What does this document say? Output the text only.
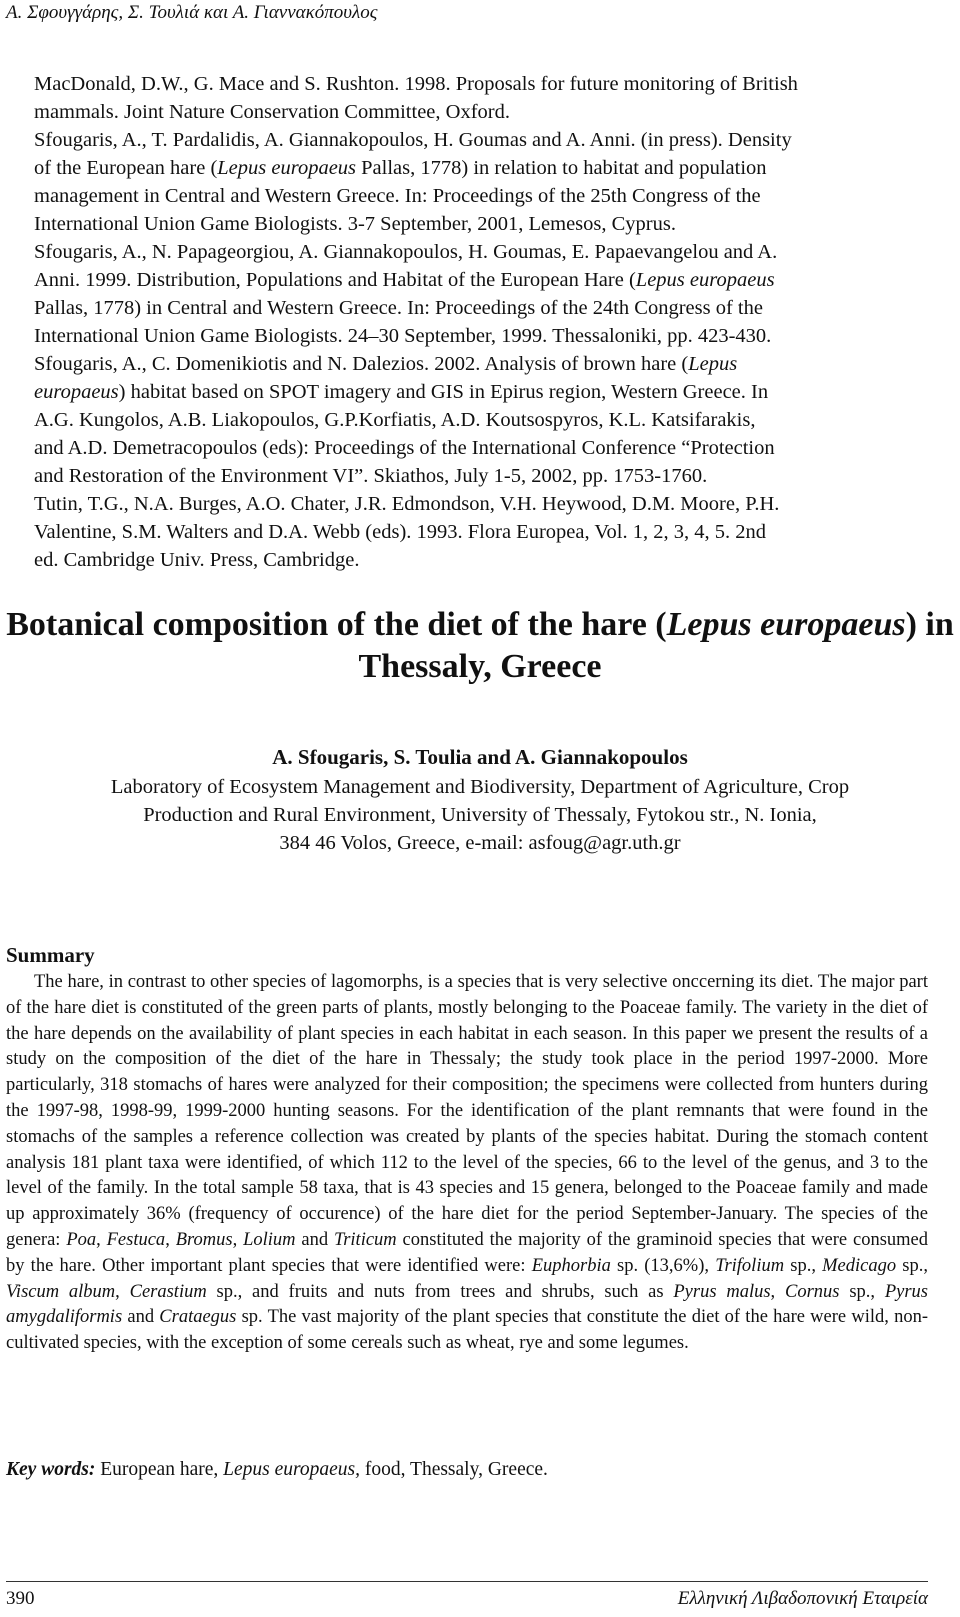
Α. Σφουγγάρης, Σ. Τουλιά και Α. Γιαννακόπουλος
MacDonald, D.W., G. Mace and S. Rushton. 1998. Proposals for future monitoring of British
mammals. Joint Nature Conservation Committee, Oxford.
Sfougaris, A., T. Pardalidis, A. Giannakopoulos, H. Goumas and A. Anni. (in press). Density
of the European hare (Lepus europaeus Pallas, 1778) in relation to habitat and population
management in Central and Western Greece. In: Proceedings of the 25th Congress of the
International Union Game Biologists. 3-7 September, 2001, Lemesos, Cyprus.
Sfougaris, A., N. Papageorgiou, A. Giannakopoulos, H. Goumas, E. Papaevangelou and A.
Anni. 1999. Distribution, Populations and Habitat of the European Hare (Lepus europaeus
Pallas, 1778) in Central and Western Greece. In: Proceedings of the 24th Congress of the
International Union Game Biologists. 24–30 September, 1999. Thessaloniki, pp. 423-430.
Sfougaris, A., C. Domenikiotis and N. Dalezios. 2002. Analysis of brown hare (Lepus
europaeus) habitat based on SPOT imagery and GIS in Epirus region, Western Greece. In
A.G. Kungolos, A.B. Liakopoulos, G.P.Korfiatis, A.D. Koutsospyros, K.L. Katsifarakis,
and A.D. Demetracopoulos (eds): Proceedings of the International Conference “Protection
and Restoration of the Environment VI”. Skiathos, July 1-5, 2002, pp. 1753-1760.
Tutin, T.G., N.A. Burges, A.O. Chater, J.R. Edmondson, V.H. Heywood, D.M. Moore, P.H.
Valentine, S.M. Walters and D.A. Webb (eds). 1993. Flora Europea, Vol. 1, 2, 3, 4, 5. 2nd
ed. Cambridge Univ. Press, Cambridge.
Botanical composition of the diet of the hare (Lepus europaeus) in Thessaly, Greece
A. Sfougaris, S. Toulia and A. Giannakopoulos
Laboratory of Ecosystem Management and Biodiversity, Department of Agriculture, Crop
Production and Rural Environment, University of Thessaly, Fytokou str., N. Ionia,
384 46 Volos, Greece, e-mail: asfoug@agr.uth.gr
Summary
The hare, in contrast to other species of lagomorphs, is a species that is very selective onccerning its diet. The major part of the hare diet is constituted of the green parts of plants, mostly belonging to the Poaceae family. The variety in the diet of the hare depends on the availability of plant species in each habitat in each season. In this paper we present the results of a study on the composition of the diet of the hare in Thessaly; the study took place in the period 1997-2000. More particularly, 318 stomachs of hares were analyzed for their composition; the specimens were collected from hunters during the 1997-98, 1998-99, 1999-2000 hunting seasons. For the identification of the plant remnants that were found in the stomachs of the samples a reference collection was created by plants of the species habitat. During the stomach content analysis 181 plant taxa were identified, of which 112 to the level of the species, 66 to the level of the genus, and 3 to the level of the family. In the total sample 58 taxa, that is 43 species and 15 genera, belonged to the Poaceae family and made up approximately 36% (frequency of occurence) of the hare diet for the period September-January. The species of the genera: Poa, Festuca, Bromus, Lolium and Triticum constituted the majority of the graminoid species that were consumed by the hare. Other important plant species that were identified were: Euphorbia sp. (13,6%), Trifolium sp., Medicago sp., Viscum album, Cerastium sp., and fruits and nuts from trees and shrubs, such as Pyrus malus, Cornus sp., Pyrus amygdaliformis and Crataegus sp. The vast majority of the plant species that constitute the diet of the hare were wild, non-cultivated species, with the exception of some cereals such as wheat, rye and some legumes.
Key words: European hare, Lepus europaeus, food, Thessaly, Greece.
390	Ελληνική Λιβαδοπονική Εταιρεία
